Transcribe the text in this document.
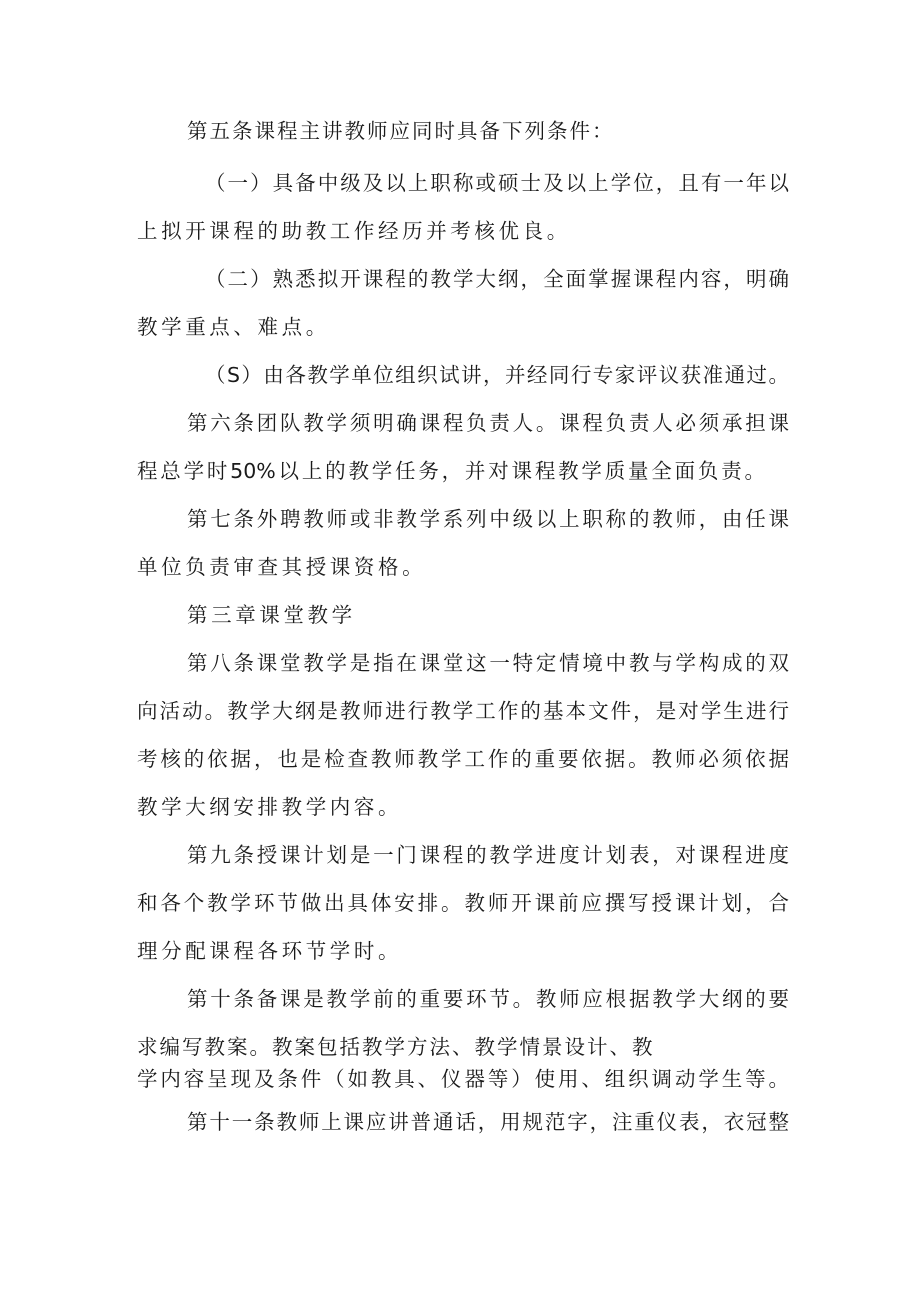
第五条课程主讲教师应同时具备下列条件：
（一）具备中级及以上职称或硕士及以上学位，且有一年以
上拟开课程的助教工作经历并考核优良。
（二）熟悉拟开课程的教学大纲，全面掌握课程内容，明确
教学重点、难点。
（S）由各教学单位组织试讲，并经同行专家评议获准通过。
第六条团队教学须明确课程负责人。课程负责人必须承担课
程总学时50%以上的教学任务，并对课程教学质量全面负责。
第七条外聘教师或非教学系列中级以上职称的教师，由任课
单位负责审查其授课资格。
第三章课堂教学
第八条课堂教学是指在课堂这一特定情境中教与学构成的双
向活动。教学大纲是教师进行教学工作的基本文件，是对学生进行
考核的依据，也是检查教师教学工作的重要依据。教师必须依据
教学大纲安排教学内容。
第九条授课计划是一门课程的教学进度计划表，对课程进度
和各个教学环节做出具体安排。教师开课前应撰写授课计划，合
理分配课程各环节学时。
第十条备课是教学前的重要环节。教师应根据教学大纲的要
求编写教案。教案包括教学方法、教学情景设计、教
学内容呈现及条件（如教具、仪器等）使用、组织调动学生等。
第十一条教师上课应讲普通话，用规范字，注重仪表，衣冠整
